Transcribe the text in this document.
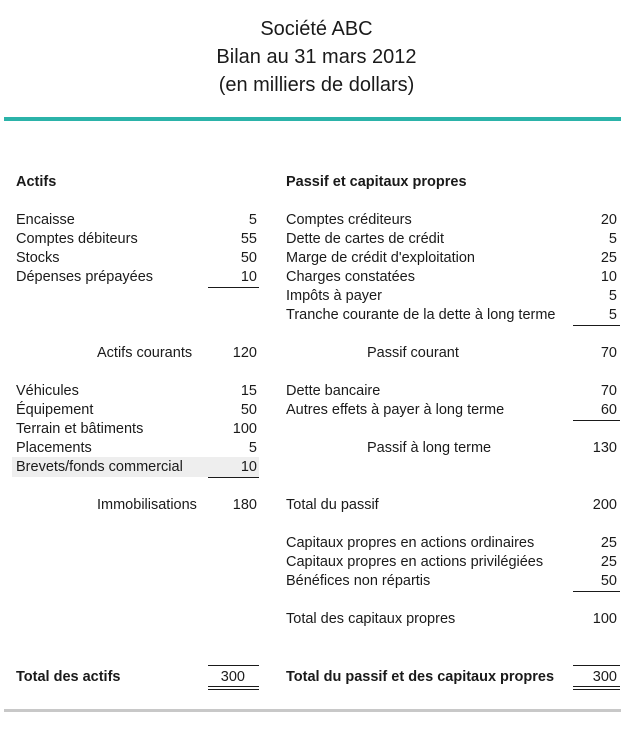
Société ABC
Bilan au 31 mars 2012
(en milliers de dollars)
Actifs
Encaisse	5
Comptes débiteurs	55
Stocks	50
Dépenses prépayées	10
Actifs courants	120
Véhicules	15
Équipement	50
Terrain et bâtiments	100
Placements	5
Brevets/fonds commercial	10
Immobilisations	180
Total des actifs	300
Passif et capitaux propres
Comptes créditeurs	20
Dette de cartes de crédit	5
Marge de crédit d'exploitation	25
Charges constatées	10
Impôts à payer	5
Tranche courante de la dette à long terme	5
Passif courant	70
Dette bancaire	70
Autres effets à payer à long terme	60
Passif à long terme	130
Total du passif	200
Capitaux propres en actions ordinaires	25
Capitaux propres en actions privilégiées	25
Bénéfices non répartis	50
Total des capitaux propres	100
Total du passif et des capitaux propres	300
